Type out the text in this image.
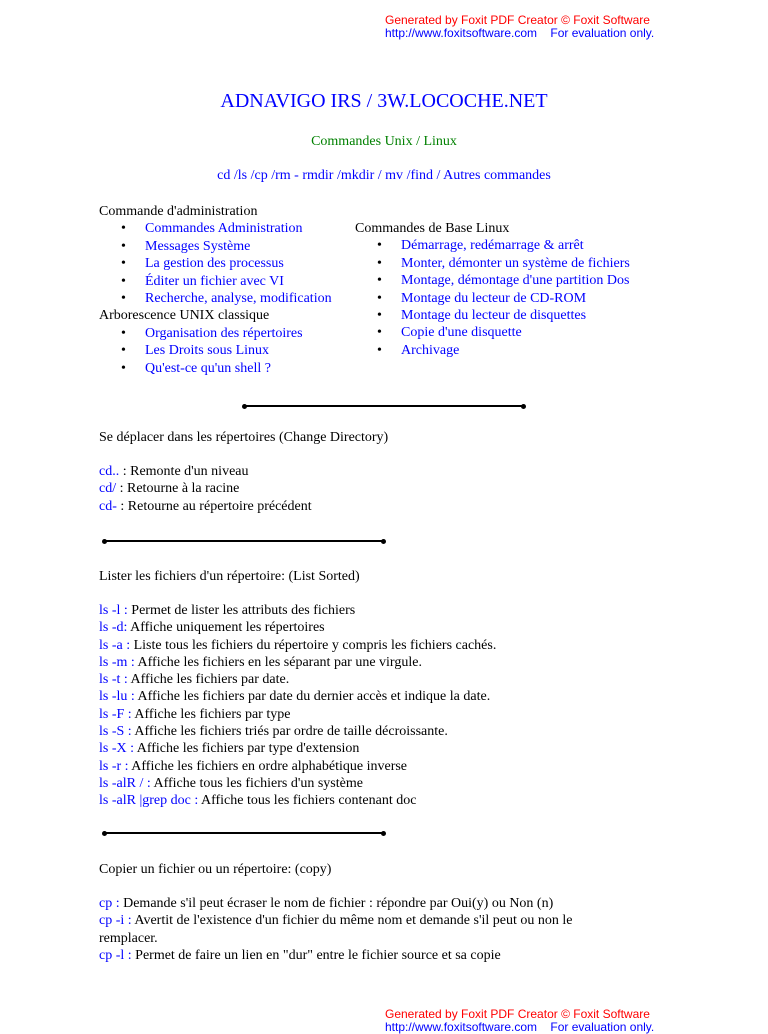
Generated by Foxit PDF Creator © Foxit Software
http://www.foxitsoftware.com For evaluation only.
ADNAVIGO IRS / 3W.LOCOCHE.NET
Commandes Unix / Linux
cd /ls /cp /rm - rmdir /mkdir / mv /find / Autres commandes
Commande d'administration
• Commandes Administration
• Messages Système
• La gestion des processus
• Éditer un fichier avec VI
• Recherche, analyse, modification
Arborescence UNIX classique
• Organisation des répertoires
• Les Droits sous Linux
• Qu'est-ce qu'un shell ?
Commandes de Base Linux
• Démarrage, redémarrage & arrêt
• Monter, démonter un système de fichiers
• Montage, démontage d'une partition Dos
• Montage du lecteur de CD-ROM
• Montage du lecteur de disquettes
• Copie d'une disquette
• Archivage
Se déplacer dans les répertoires (Change Directory)
cd.. : Remonte d'un niveau
cd/ : Retourne à la racine
cd- : Retourne au répertoire précédent
Lister les fichiers d'un répertoire: (List Sorted)
ls -l : Permet de lister les attributs des fichiers
ls -d: Affiche uniquement les répertoires
ls -a : Liste tous les fichiers du répertoire y compris les fichiers cachés.
ls -m : Affiche les fichiers en les séparant par une virgule.
ls -t : Affiche les fichiers par date.
ls -lu : Affiche les fichiers par date du dernier accès et indique la date.
ls -F : Affiche les fichiers par type
ls -S : Affiche les fichiers triés par ordre de taille décroissante.
ls -X : Affiche les fichiers par type d'extension
ls -r : Affiche les fichiers en ordre alphabétique inverse
ls -alR / : Affiche tous les fichiers d'un système
ls -alR |grep doc : Affiche tous les fichiers contenant doc
Copier un fichier ou un répertoire: (copy)
cp : Demande s'il peut écraser le nom de fichier : répondre par Oui(y) ou Non (n)
cp -i : Avertit de l'existence d'un fichier du même nom et demande s'il peut ou non le
remplacer.
cp -l : Permet de faire un lien en "dur" entre le fichier source et sa copie
Generated by Foxit PDF Creator © Foxit Software
http://www.foxitsoftware.com For evaluation only.
